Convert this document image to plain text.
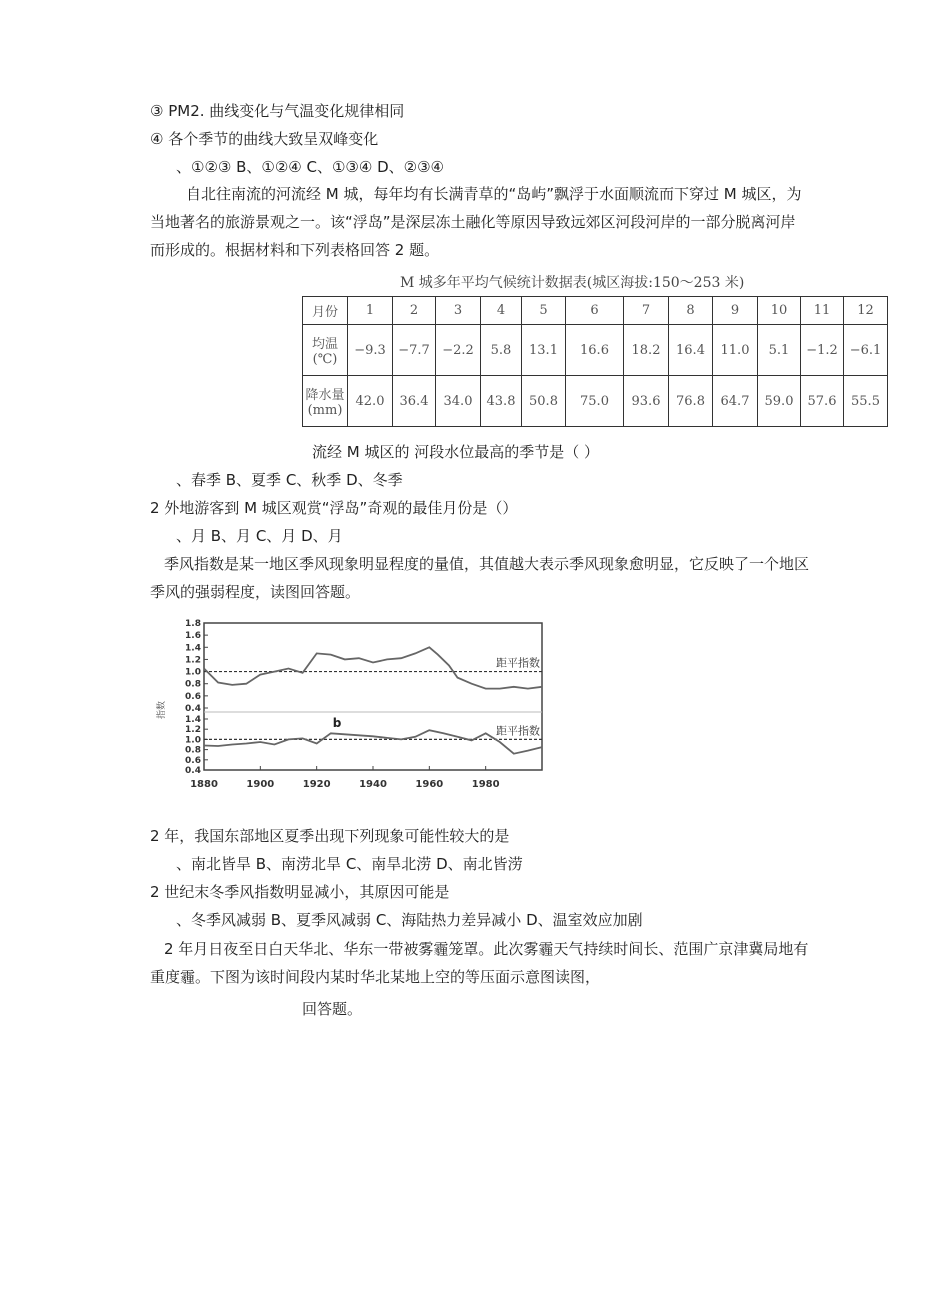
③ PM2. 曲线变化与气温变化规律相同
④ 各个季节的曲线大致呈双峰变化
、①②③ B、①②④ C、①③④ D、②③④
自北往南流的河流经 M 城，每年均有长满青草的“岛屿”飘浮于水面顺流而下穿过 M 城区，为当地著名的旅游景观之一。该“浮岛”是深层冻土融化等原因导致远郊区河段河岸的一部分脱离河岸而形成的。根据材料和下列表格回答 2 题。
M 城多年平均气候统计数据表(城区海拔:150～253 米)
月份	1	2	3	4	5	6	7	8	9	10	11	12

均温
(℃)	−9.3	−7.7	−2.2	5.8	13.1	16.6	18.2	16.4	11.0	5.1	−1.2	−6.1

降水量
(mm)	42.0	36.4	34.0	43.8	50.8	75.0	93.6	76.8	64.7	59.0	57.6	55.5
流经 M 城区的 河段水位最高的季节是（ ）
、春季 B、夏季 C、秋季 D、冬季
2 外地游客到 M 城区观赏“浮岛”奇观的最佳月份是（）
、月 B、月 C、月 D、月
季风指数是某一地区季风现象明显程度的量值，其值越大表示季风现象愈明显，它反映了一个地区季风的强弱程度，读图回答题。
1.8
1.6
1.4
1.2
1.0
0.8
0.6
0.4
距平指数
1.4
1.2
1.0
0.8
0.6
0.4
距平指数
b
1880	1900	1920	1940	1960	1980
指数
2 年，我国东部地区夏季出现下列现象可能性较大的是
、南北皆旱 B、南涝北旱 C、南旱北涝 D、南北皆涝
2 世纪末冬季风指数明显减小，其原因可能是
、冬季风减弱 B、夏季风减弱 C、海陆热力差异减小 D、温室效应加剧
2 年月日夜至日白天华北、华东一带被雾霾笼罩。此次雾霾天气持续时间长、范围广京津冀局地有重度霾。下图为该时间段内某时华北某地上空的等压面示意图读图，
回答题。
